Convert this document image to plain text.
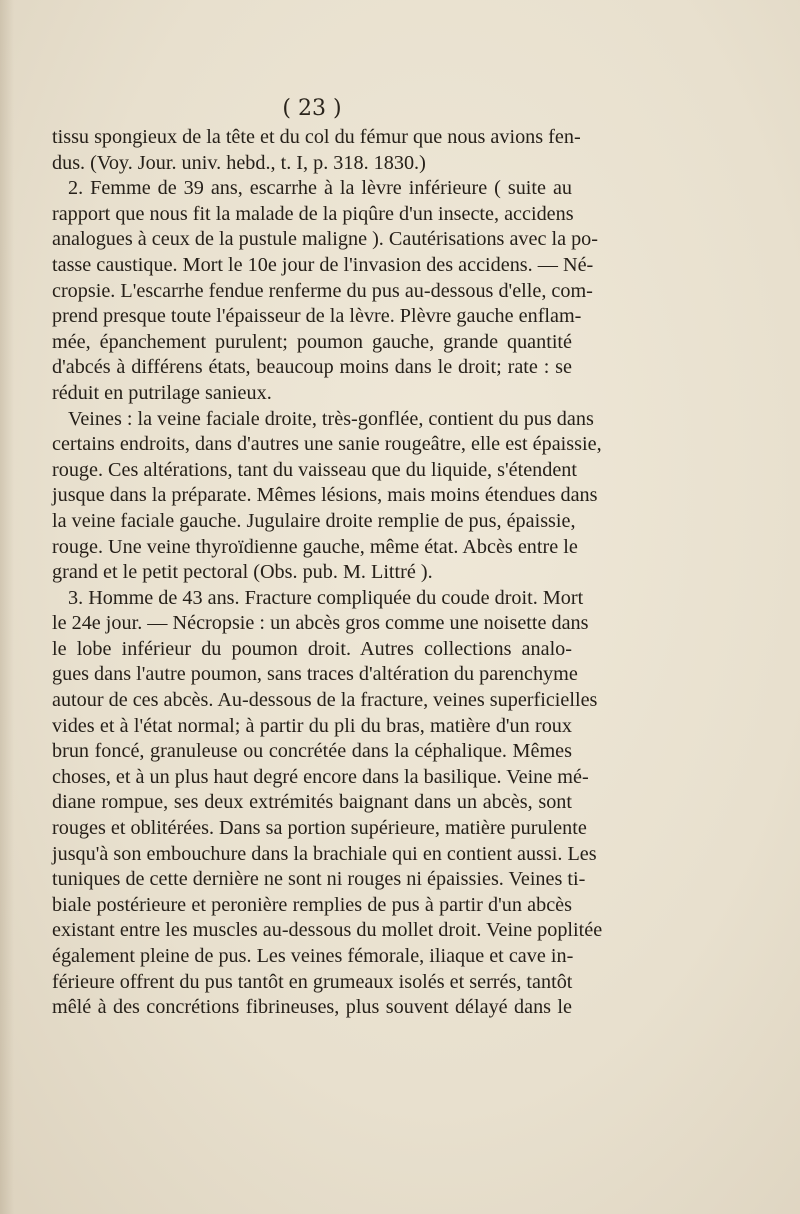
( 23 )
tissu spongieux de la tête et du col du fémur que nous avions fen-
dus. (Voy. Jour. univ. hebd., t. I, p. 318. 1830.)
2. Femme de 39 ans, escarrhe à la lèvre inférieure ( suite au
rapport que nous fit la malade de la piqûre d'un insecte, accidens
analogues à ceux de la pustule maligne ). Cautérisations avec la po-
tasse caustique. Mort le 10e jour de l'invasion des accidens. — Né-
cropsie. L'escarrhe fendue renferme du pus au-dessous d'elle, com-
prend presque toute l'épaisseur de la lèvre. Plèvre gauche enflam-
mée, épanchement purulent; poumon gauche, grande quantité
d'abcés à différens états, beaucoup moins dans le droit; rate : se
réduit en putrilage sanieux.
Veines : la veine faciale droite, très-gonflée, contient du pus dans
certains endroits, dans d'autres une sanie rougeâtre, elle est épaissie,
rouge. Ces altérations, tant du vaisseau que du liquide, s'étendent
jusque dans la préparate. Mêmes lésions, mais moins étendues dans
la veine faciale gauche. Jugulaire droite remplie de pus, épaissie,
rouge. Une veine thyroïdienne gauche, même état. Abcès entre le
grand et le petit pectoral (Obs. pub. M. Littré ).
3. Homme de 43 ans. Fracture compliquée du coude droit. Mort
le 24e jour. — Nécropsie : un abcès gros comme une noisette dans
le lobe inférieur du poumon droit. Autres collections analo-
gues dans l'autre poumon, sans traces d'altération du parenchyme
autour de ces abcès. Au-dessous de la fracture, veines superficielles
vides et à l'état normal; à partir du pli du bras, matière d'un roux
brun foncé, granuleuse ou concrétée dans la céphalique. Mêmes
choses, et à un plus haut degré encore dans la basilique. Veine mé-
diane rompue, ses deux extrémités baignant dans un abcès, sont
rouges et oblitérées. Dans sa portion supérieure, matière purulente
jusqu'à son embouchure dans la brachiale qui en contient aussi. Les
tuniques de cette dernière ne sont ni rouges ni épaissies. Veines ti-
biale postérieure et peronière remplies de pus à partir d'un abcès
existant entre les muscles au-dessous du mollet droit. Veine poplitée
également pleine de pus. Les veines fémorale, iliaque et cave in-
férieure offrent du pus tantôt en grumeaux isolés et serrés, tantôt
mêlé à des concrétions fibrineuses, plus souvent délayé dans le
